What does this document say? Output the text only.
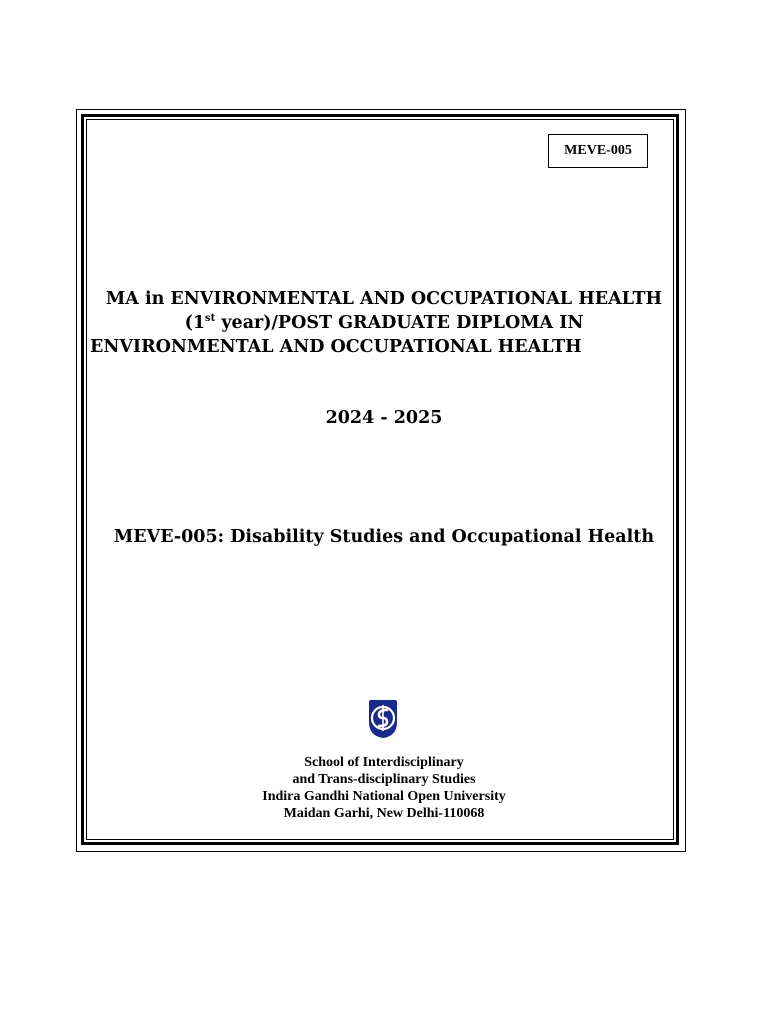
MEVE-005
MA in ENVIRONMENTAL AND OCCUPATIONAL HEALTH
(1st year)/POST GRADUATE DIPLOMA IN
ENVIRONMENTAL AND OCCUPATIONAL HEALTH
2024 - 2025
MEVE-005: Disability Studies and Occupational Health
School of Interdisciplinary
and Trans-disciplinary Studies
Indira Gandhi National Open University
Maidan Garhi, New Delhi-110068
